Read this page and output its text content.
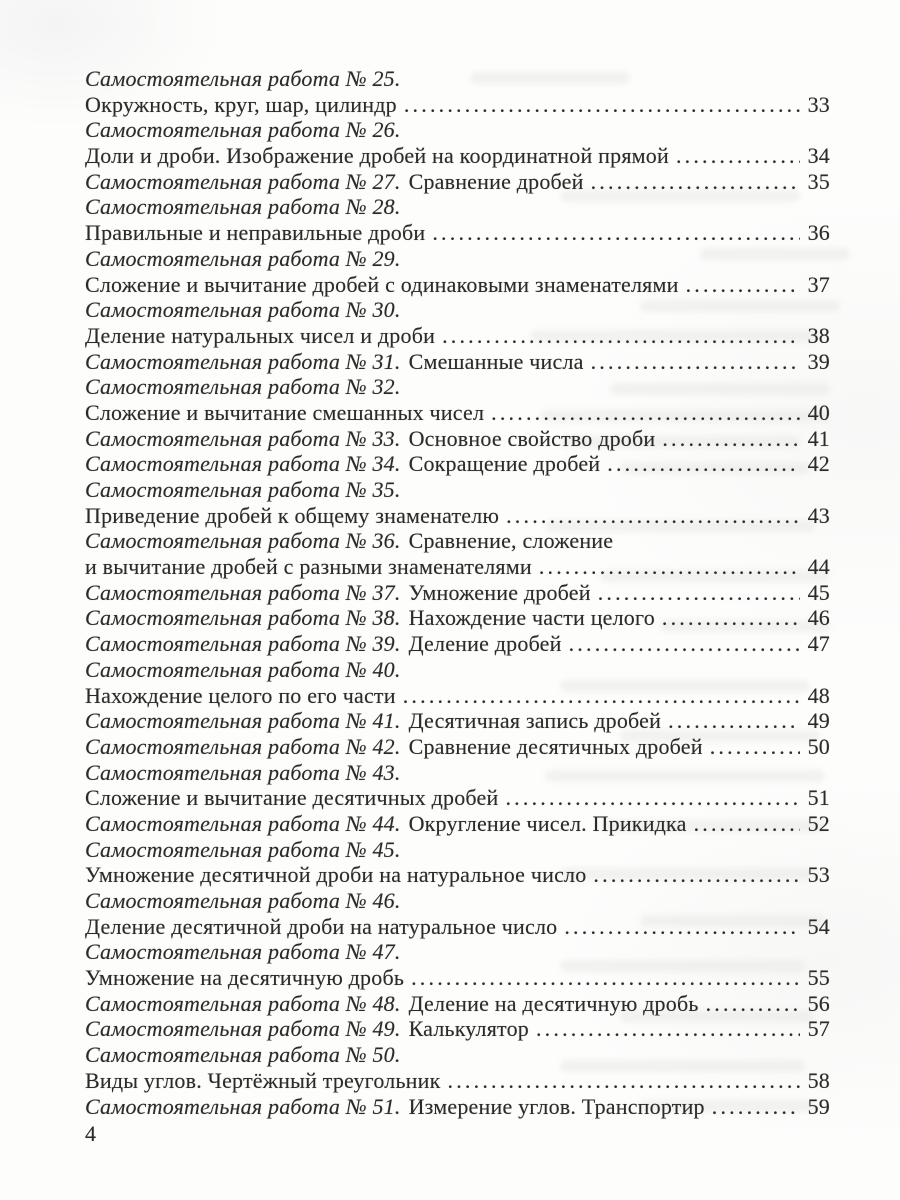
Самостоятельная работа № 25.
Окружность, круг, шар, цилиндр .....	33
Самостоятельная работа № 26.
Доли и дроби. Изображение дробей на координатной прямой .....	34
Самостоятельная работа № 27. Сравнение дробей .....	35
Самостоятельная работа № 28.
Правильные и неправильные дроби .....	36
Самостоятельная работа № 29.
Сложение и вычитание дробей с одинаковыми знаменателями .....	37
Самостоятельная работа № 30.
Деление натуральных чисел и дроби .....	38
Самостоятельная работа № 31. Смешанные числа .....	39
Самостоятельная работа № 32.
Сложение и вычитание смешанных чисел .....	40
Самостоятельная работа № 33. Основное свойство дроби .....	41
Самостоятельная работа № 34. Сокращение дробей .....	42
Самостоятельная работа № 35.
Приведение дробей к общему знаменателю .....	43
Самостоятельная работа № 36. Сравнение, сложение
и вычитание дробей с разными знаменателями .....	44
Самостоятельная работа № 37. Умножение дробей .....	45
Самостоятельная работа № 38. Нахождение части целого .....	46
Самостоятельная работа № 39. Деление дробей .....	47
Самостоятельная работа № 40.
Нахождение целого по его части .....	48
Самостоятельная работа № 41. Десятичная запись дробей .....	49
Самостоятельная работа № 42. Сравнение десятичных дробей .....	50
Самостоятельная работа № 43.
Сложение и вычитание десятичных дробей .....	51
Самостоятельная работа № 44. Округление чисел. Прикидка .....	52
Самостоятельная работа № 45.
Умножение десятичной дроби на натуральное число .....	53
Самостоятельная работа № 46.
Деление десятичной дроби на натуральное число .....	54
Самостоятельная работа № 47.
Умножение на десятичную дробь .....	55
Самостоятельная работа № 48. Деление на десятичную дробь .....	56
Самостоятельная работа № 49. Калькулятор .....	57
Самостоятельная работа № 50.
Виды углов. Чертёжный треугольник .....	58
Самостоятельная работа № 51. Измерение углов. Транспортир .....	59
4
